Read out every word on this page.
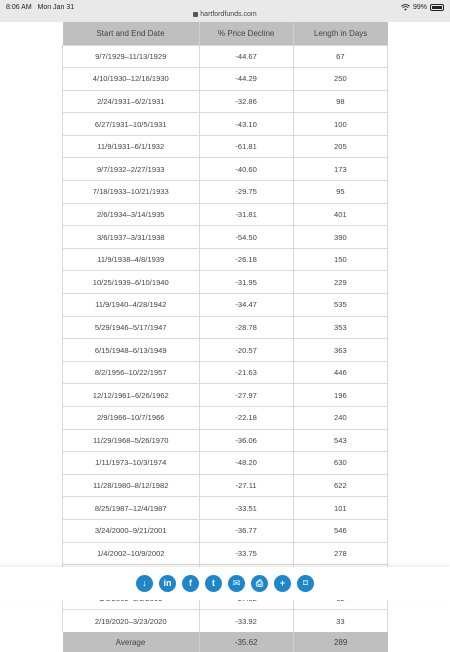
8:06 AM Mon Jan 31
hartfordfunds.com
99%
Start and End Date	% Price Decline	Length in Days
9/7/1929–11/13/1929	-44.67	67
4/10/1930–12/16/1930	-44.29	250
2/24/1931–6/2/1931	-32.86	98
6/27/1931–10/5/1931	-43.10	100
11/9/1931–6/1/1932	-61.81	205
9/7/1932–2/27/1933	-40.60	173
7/18/1933–10/21/1933	-29.75	95
2/6/1934–3/14/1935	-31.81	401
3/6/1937–3/31/1938	-54.50	390
11/9/1938–4/8/1939	-26.18	150
10/25/1939–6/10/1940	-31.95	229
11/9/1940–4/28/1942	-34.47	535
5/29/1946–5/17/1947	-28.78	353
6/15/1948–6/13/1949	-20.57	363
8/2/1956–10/22/1957	-21.63	446
12/12/1961–6/26/1962	-27.97	196
2/9/1966–10/7/1966	-22.18	240
11/29/1968–5/26/1970	-36.06	543
1/11/1973–10/3/1974	-48.20	630
11/28/1980–8/12/1982	-27.11	622
8/25/1987–12/4/1987	-33.51	101
3/24/2000–9/21/2001	-36.77	546
1/4/2002–10/9/2002	-33.75	278

2/19/2020–3/23/2020	-33.92	33
Average	-35.62	289
↓ in f t ✉ ⎙ + ⌑
